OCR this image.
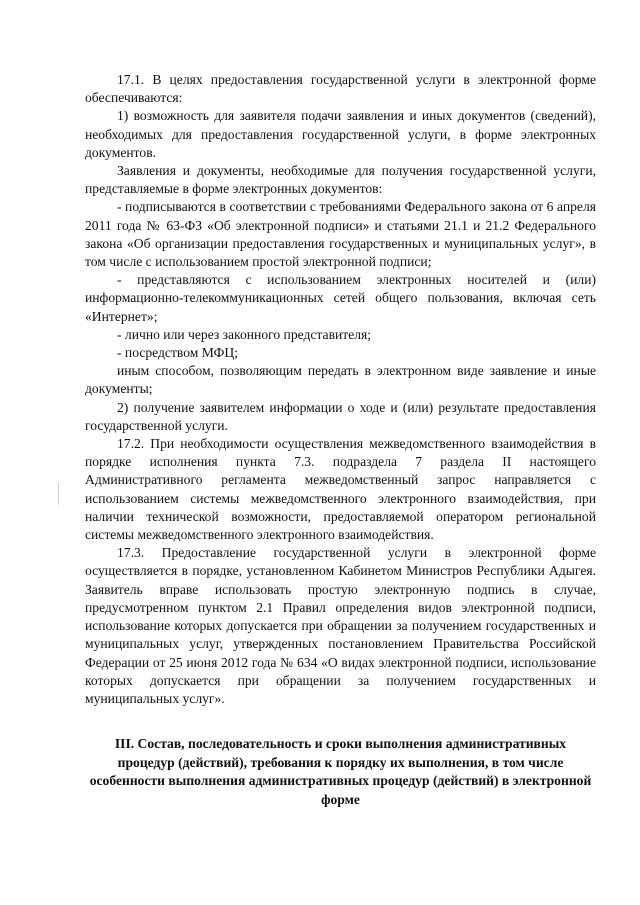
17.1. В целях предоставления государственной услуги в электронной форме обеспечиваются:

1) возможность для заявителя подачи заявления и иных документов (сведений), необходимых для предоставления государственной услуги, в форме электронных документов.

Заявления и документы, необходимые для получения государственной услуги, представляемые в форме электронных документов:

- подписываются в соответствии с требованиями Федерального закона от 6 апреля 2011 года № 63-ФЗ «Об электронной подписи» и статьями 21.1 и 21.2 Федерального закона «Об организации предоставления государственных и муниципальных услуг», в том числе с использованием простой электронной подписи;

- представляются с использованием электронных носителей и (или) информационно-телекоммуникационных сетей общего пользования, включая сеть «Интернет»;

- лично или через законного представителя;

- посредством МФЦ;

иным способом, позволяющим передать в электронном виде заявление и иные документы;

2) получение заявителем информации о ходе и (или) результате предоставления государственной услуги.

17.2. При необходимости осуществления межведомственного взаимодействия в порядке исполнения пункта 7.3. подраздела 7 раздела II настоящего Административного регламента межведомственный запрос направляется с использованием системы межведомственного электронного взаимодействия, при наличии технической возможности, предоставляемой оператором региональной системы межведомственного электронного взаимодействия.

17.3. Предоставление государственной услуги в электронной форме осуществляется в порядке, установленном Кабинетом Министров Республики Адыгея. Заявитель вправе использовать простую электронную подпись в случае, предусмотренном пунктом 2.1 Правил определения видов электронной подписи, использование которых допускается при обращении за получением государственных и муниципальных услуг, утвержденных постановлением Правительства Российской Федерации от 25 июня 2012 года № 634 «О видах электронной подписи, использование которых допускается при обращении за получением государственных и муниципальных услуг».

III. Состав, последовательность и сроки выполнения административных процедур (действий), требования к порядку их выполнения, в том числе особенности выполнения административных процедур (действий) в электронной форме
